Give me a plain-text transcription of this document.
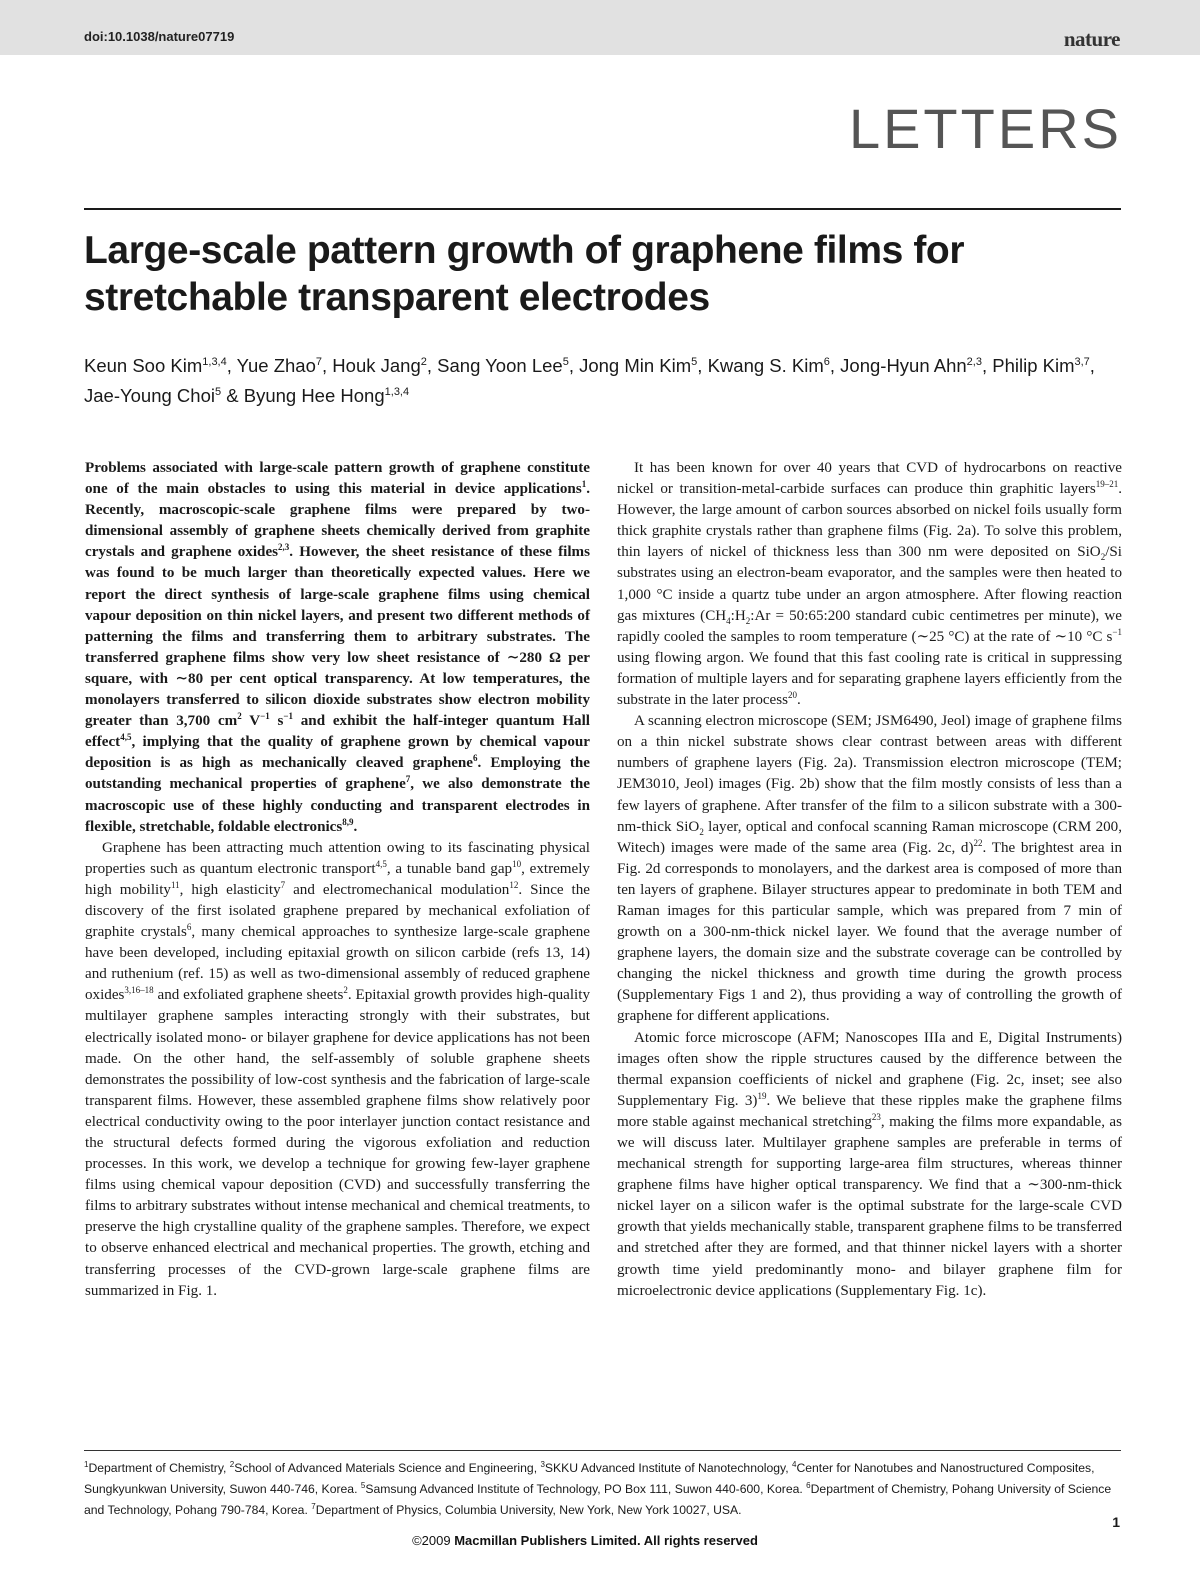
doi:10.1038/nature07719	nature
LETTERS
Large-scale pattern growth of graphene films for stretchable transparent electrodes

Keun Soo Kim$^{1,3,4}$, Yue Zhao$^7$, Houk Jang$^2$, Sang Yoon Lee$^5$, Jong Min Kim$^5$, Kwang S. Kim$^6$, Jong-Hyun Ahn$^{2,3}$, Philip Kim$^{3,7}$, Jae-Young Choi$^5$ & Byung Hee Hong$^{1,3,4}$

Problems associated with large-scale pattern growth of graphene constitute one of the main obstacles to using this material in device applications$^1$. Recently, macroscopic-scale graphene films were prepared by two-dimensional assembly of graphene sheets chemically derived from graphite crystals and graphene oxides$^{2,3}$. However, the sheet resistance of these films was found to be much larger than theoretically expected values. Here we report the direct synthesis of large-scale graphene films using chemical vapour deposition on thin nickel layers, and present two different methods of patterning the films and transferring them to arbitrary substrates. The transferred graphene films show very low sheet resistance of ∼280 Ω per square, with ∼80 per cent optical transparency. At low temperatures, the monolayers transferred to silicon dioxide substrates show electron mobility greater than 3,700 $cm^2$ $V^{-1}$ $s^{-1}$ and exhibit the half-integer quantum Hall effect$^{4,5}$, implying that the quality of graphene grown by chemical vapour deposition is as high as mechanically cleaved graphene$^6$. Employing the outstanding mechanical properties of graphene$^7$, we also demonstrate the macroscopic use of these highly conducting and transparent electrodes in flexible, stretchable, foldable electronics$^{8,9}$.

Graphene has been attracting much attention owing to its fascinating physical properties such as quantum electronic transport$^{4,5}$, a tunable band gap$^{10}$, extremely high mobility$^{11}$, high elasticity$^7$ and electromechanical modulation$^{12}$. Since the discovery of the first isolated graphene prepared by mechanical exfoliation of graphite crystals$^6$, many chemical approaches to synthesize large-scale graphene have been developed, including epitaxial growth on silicon carbide (refs 13, 14) and ruthenium (ref. 15) as well as two-dimensional assembly of reduced graphene oxides$^{3,16-18}$ and exfoliated graphene sheets$^2$. Epitaxial growth provides high-quality multilayer graphene samples interacting strongly with their substrates, but electrically isolated mono- or bilayer graphene for device applications has not been made. On the other hand, the self-assembly of soluble graphene sheets demonstrates the possibility of low-cost synthesis and the fabrication of large-scale transparent films. However, these assembled graphene films show relatively poor electrical conductivity owing to the poor interlayer junction contact resistance and the structural defects formed during the vigorous exfoliation and reduction processes. In this work, we develop a technique for growing few-layer graphene films using chemical vapour deposition (CVD) and successfully transferring the films to arbitrary substrates without intense mechanical and chemical treatments, to preserve the high crystalline quality of the graphene samples. Therefore, we expect to observe enhanced electrical and mechanical properties. The growth, etching and transferring processes of the CVD-grown large-scale graphene films are summarized in Fig. 1.

It has been known for over 40 years that CVD of hydrocarbons on reactive nickel or transition-metal-carbide surfaces can produce thin graphitic layers$^{19-21}$. However, the large amount of carbon sources absorbed on nickel foils usually form thick graphite crystals rather than graphene films (Fig. 2a). To solve this problem, thin layers of nickel of thickness less than 300 nm were deposited on SiO$_2$/Si substrates using an electron-beam evaporator, and the samples were then heated to 1,000 °C inside a quartz tube under an argon atmosphere. After flowing reaction gas mixtures ($CH_4:H_2:Ar$ = 50:65:200 standard cubic centimetres per minute), we rapidly cooled the samples to room temperature (∼25 °C) at the rate of ∼10 °C $s^{-1}$ using flowing argon. We found that this fast cooling rate is critical in suppressing formation of multiple layers and for separating graphene layers efficiently from the substrate in the later process$^{20}$.

A scanning electron microscope (SEM; JSM6490, Jeol) image of graphene films on a thin nickel substrate shows clear contrast between areas with different numbers of graphene layers (Fig. 2a). Transmission electron microscope (TEM; JEM3010, Jeol) images (Fig. 2b) show that the film mostly consists of less than a few layers of graphene. After transfer of the film to a silicon substrate with a 300-nm-thick SiO$_2$ layer, optical and confocal scanning Raman microscope (CRM 200, Witech) images were made of the same area (Fig. 2c, d)$^{22}$. The brightest area in Fig. 2d corresponds to monolayers, and the darkest area is composed of more than ten layers of graphene. Bilayer structures appear to predominate in both TEM and Raman images for this particular sample, which was prepared from 7 min of growth on a 300-nm-thick nickel layer. We found that the average number of graphene layers, the domain size and the substrate coverage can be controlled by changing the nickel thickness and growth time during the growth process (Supplementary Figs 1 and 2), thus providing a way of controlling the growth of graphene for different applications.

Atomic force microscope (AFM; Nanoscopes IIIa and E, Digital Instruments) images often show the ripple structures caused by the difference between the thermal expansion coefficients of nickel and graphene (Fig. 2c, inset; see also Supplementary Fig. 3)$^{19}$. We believe that these ripples make the graphene films more stable against mechanical stretching$^{23}$, making the films more expandable, as we will discuss later. Multilayer graphene samples are preferable in terms of mechanical strength for supporting large-area film structures, whereas thinner graphene films have higher optical transparency. We find that a ∼300-nm-thick nickel layer on a silicon wafer is the optimal substrate for the large-scale CVD growth that yields mechanically stable, transparent graphene films to be transferred and stretched after they are formed, and that thinner nickel layers with a shorter growth time yield predominantly mono- and bilayer graphene film for microelectronic device applications (Supplementary Fig. 1c).

$^1$Department of Chemistry, $^2$School of Advanced Materials Science and Engineering, $^3$SKKU Advanced Institute of Nanotechnology, $^4$Center for Nanotubes and Nanostructured Composites, Sungkyunkwan University, Suwon 440-746, Korea. $^5$Samsung Advanced Institute of Technology, PO Box 111, Suwon 440-600, Korea. $^6$Department of Chemistry, Pohang University of Science and Technology, Pohang 790-784, Korea. $^7$Department of Physics, Columbia University, New York, New York 10027, USA.
1
©2009 Macmillan Publishers Limited. All rights reserved
